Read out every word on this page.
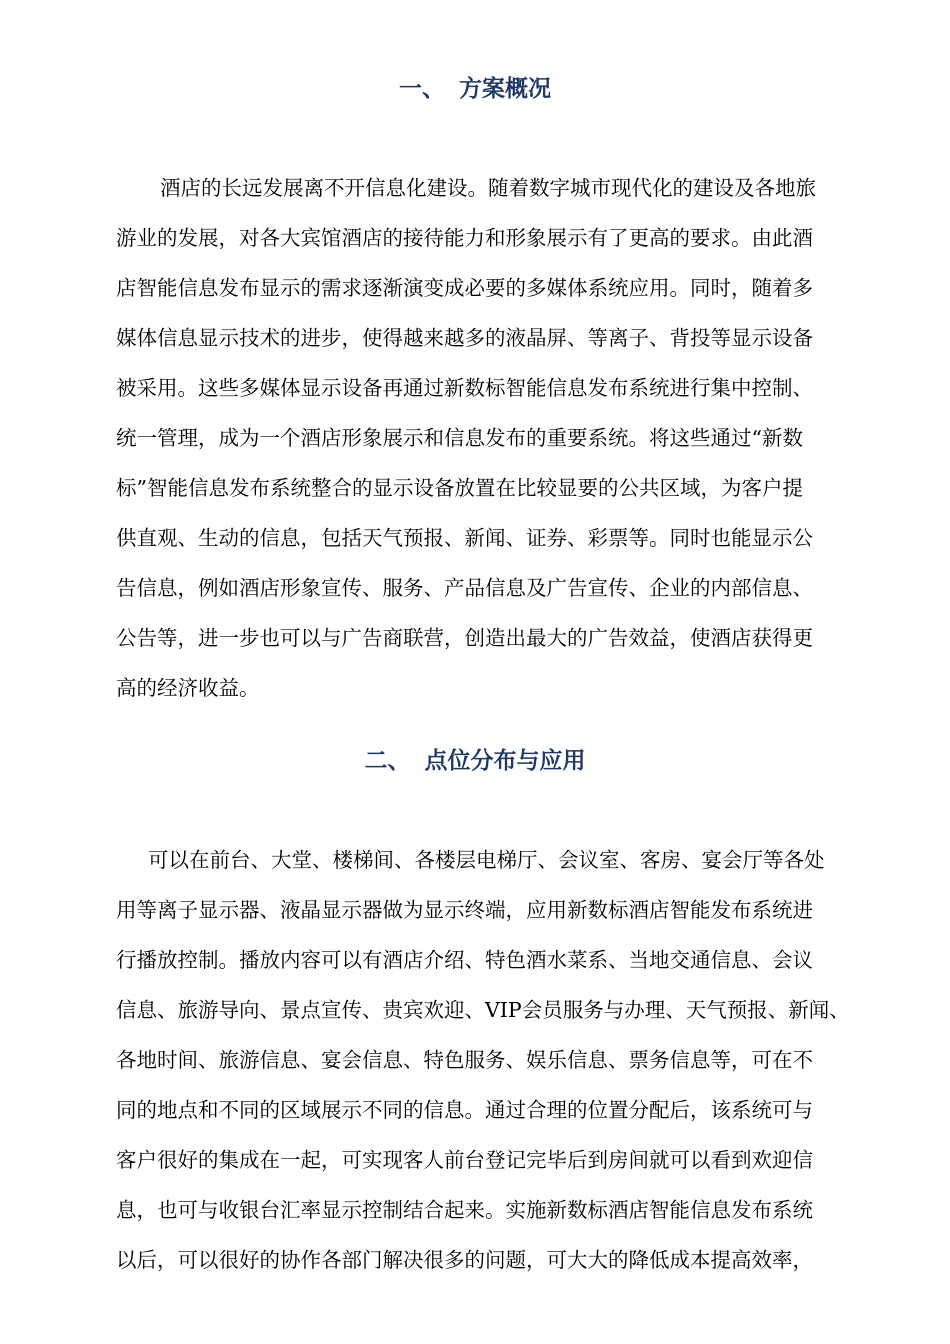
一、 方案概况
酒店的长远发展离不开信息化建设。随着数字城市现代化的建设及各地旅
游业的发展，对各大宾馆酒店的接待能力和形象展示有了更高的要求。由此酒
店智能信息发布显示的需求逐渐演变成必要的多媒体系统应用。同时，随着多
媒体信息显示技术的进步，使得越来越多的液晶屏、等离子、背投等显示设备
被采用。这些多媒体显示设备再通过新数标智能信息发布系统进行集中控制、
统一管理，成为一个酒店形象展示和信息发布的重要系统。将这些通过“新数
标”智能信息发布系统整合的显示设备放置在比较显要的公共区域，为客户提
供直观、生动的信息，包括天气预报、新闻、证券、彩票等。同时也能显示公
告信息，例如酒店形象宣传、服务、产品信息及广告宣传、企业的内部信息、
公告等，进一步也可以与广告商联营，创造出最大的广告效益，使酒店获得更
高的经济收益。
二、 点位分布与应用
可以在前台、大堂、楼梯间、各楼层电梯厅、会议室、客房、宴会厅等各处
用等离子显示器、液晶显示器做为显示终端，应用新数标酒店智能发布系统进
行播放控制。播放内容可以有酒店介绍、特色酒水菜系、当地交通信息、会议
信息、旅游导向、景点宣传、贵宾欢迎、VIP会员服务与办理、天气预报、新闻、
各地时间、旅游信息、宴会信息、特色服务、娱乐信息、票务信息等，可在不
同的地点和不同的区域展示不同的信息。通过合理的位置分配后，该系统可与
客户很好的集成在一起，可实现客人前台登记完毕后到房间就可以看到欢迎信
息，也可与收银台汇率显示控制结合起来。实施新数标酒店智能信息发布系统
以后，可以很好的协作各部门解决很多的问题，可大大的降低成本提高效率，
